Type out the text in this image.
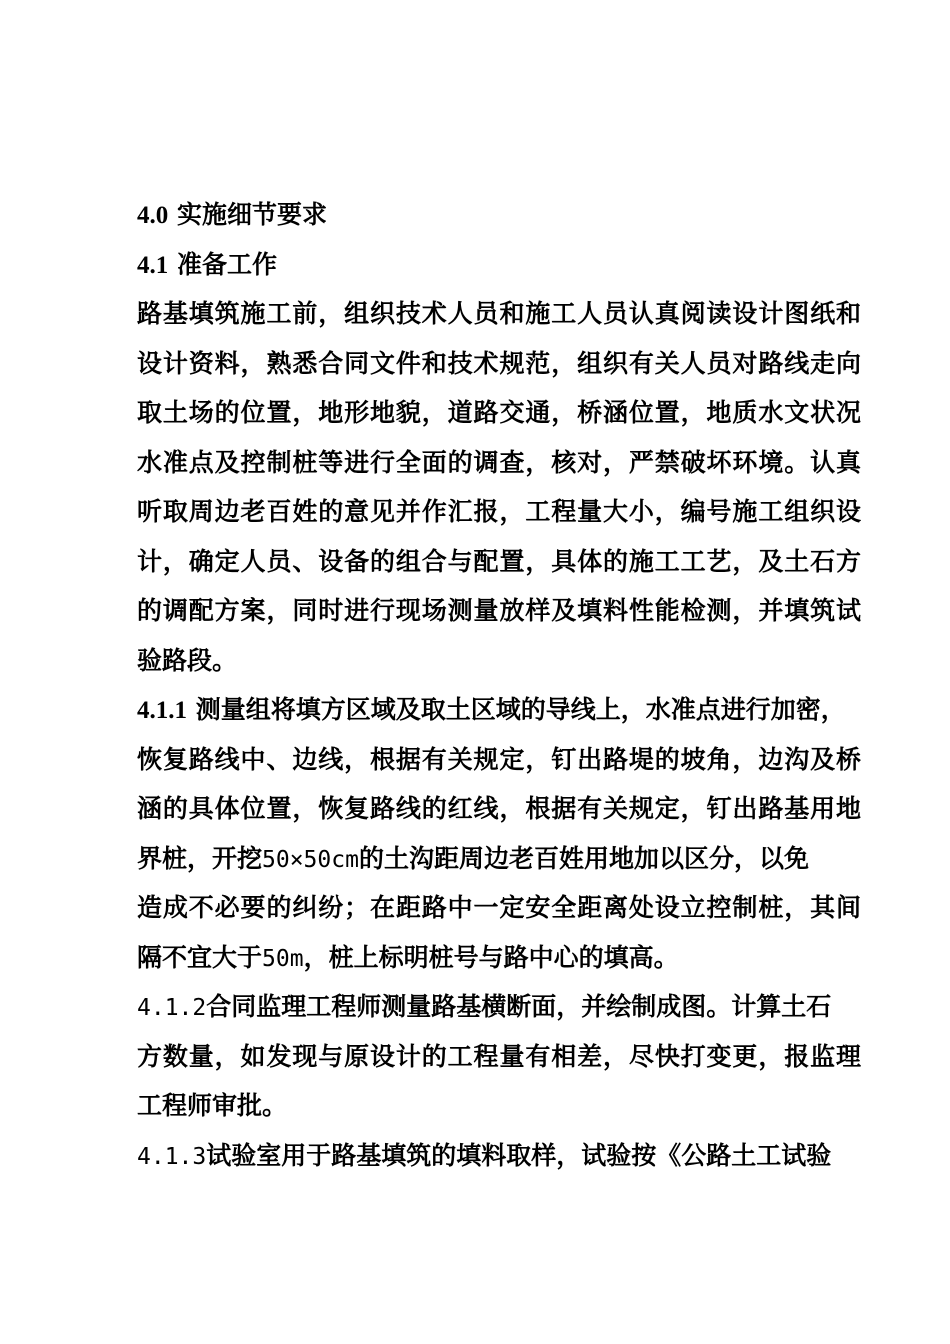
4.0 实施细节要求
4.1 准备工作
路基填筑施工前，组织技术人员和施工人员认真阅读设计图纸和
设计资料，熟悉合同文件和技术规范，组织有关人员对路线走向
取土场的位置，地形地貌，道路交通，桥涵位置，地质水文状况
水准点及控制桩等进行全面的调查，核对，严禁破坏环境。认真
听取周边老百姓的意见并作汇报，工程量大小，编号施工组织设
计，确定人员、设备的组合与配置，具体的施工工艺，及土石方
的调配方案，同时进行现场测量放样及填料性能检测，并填筑试
验路段。
4.1.1 测量组将填方区域及取土区域的导线上，水准点进行加密，
恢复路线中、边线，根据有关规定，钉出路堤的坡角，边沟及桥
涵的具体位置，恢复路线的红线，根据有关规定，钉出路基用地
界桩，开挖50×50cm的土沟距周边老百姓用地加以区分，以免
造成不必要的纠纷；在距路中一定安全距离处设立控制桩，其间
隔不宜大于50m，桩上标明桩号与路中心的填高。
4.1.2合同监理工程师测量路基横断面，并绘制成图。计算土石
方数量，如发现与原设计的工程量有相差，尽快打变更，报监理
工程师审批。
4.1.3试验室用于路基填筑的填料取样，试验按《公路土工试验
